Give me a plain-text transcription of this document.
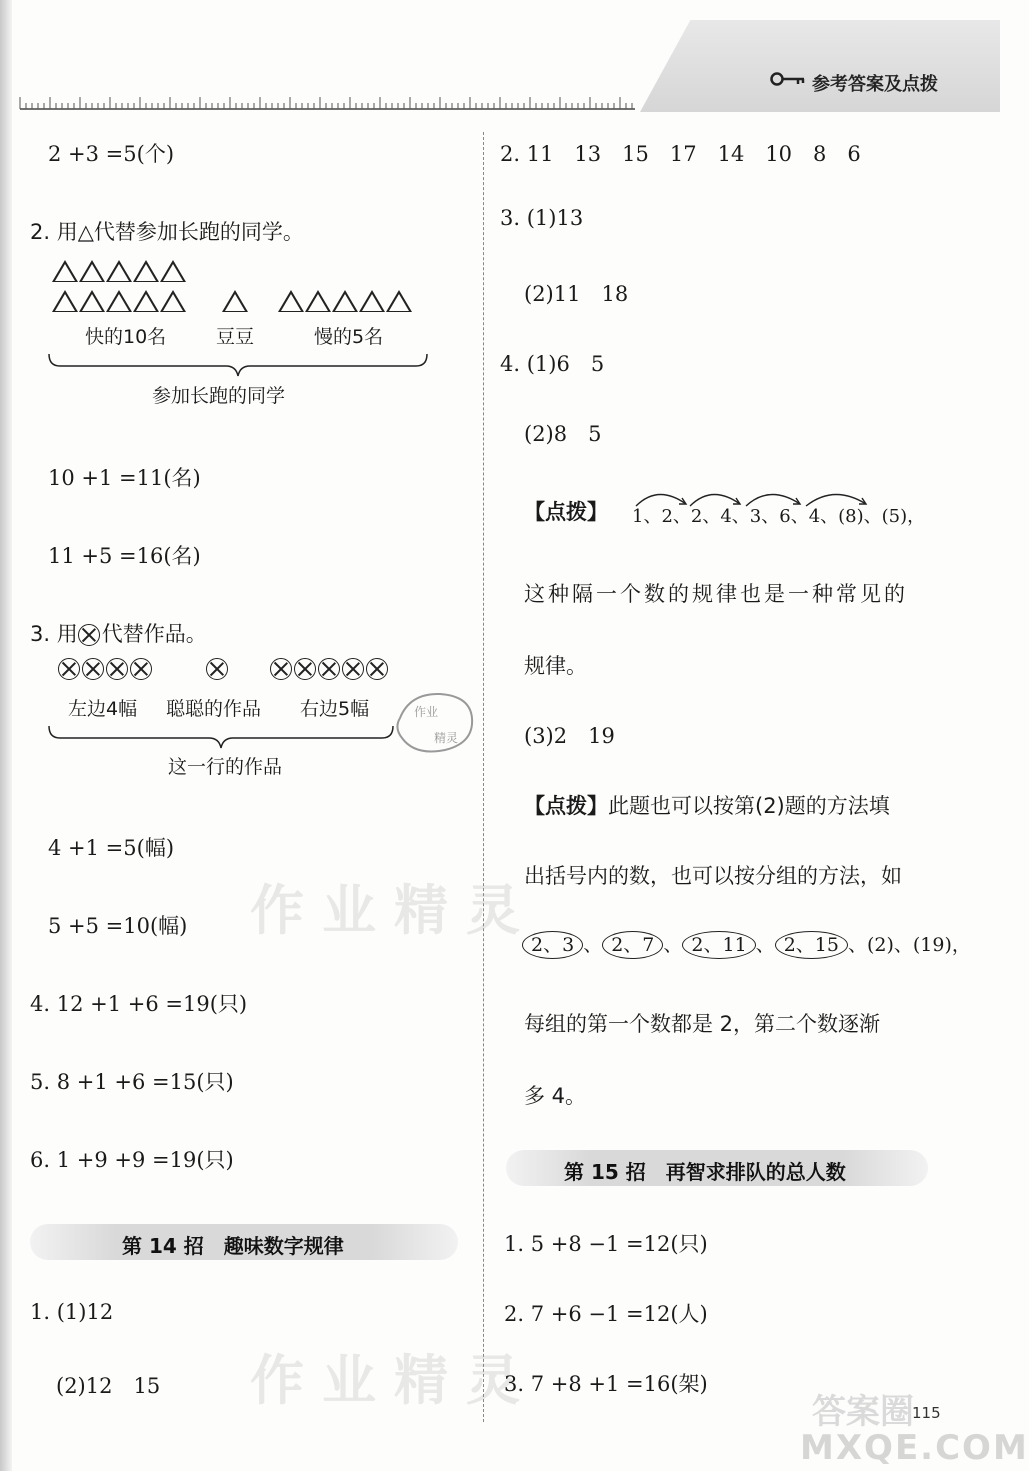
参考答案及点拨
2 +3 =5(个)
2. 用△代替参加长跑的同学。
快的10名	豆豆	慢的5名
参加长跑的同学
10 +1 =11(名)
11 +5 =16(名)
3. 用 代替作品。
左边4幅 聪聪的作品 右边5幅
这一行的作品
作业
精灵
4 +1 =5(幅)
5 +5 =10(幅) 作业精灵
4. 12 +1 +6 =19(只)
5. 8 +1 +6 =15(只)
6. 1 +9 +9 =19(只)
第 14 招　趣味数字规律
1. (1)12
(2)12　15 作业精灵
2. 11　13　15　17　14　10　8　6
3. (1)13
(2)11　18
4. (1)6　5
(2)8　5
【点拨】 1、2、2、4、3、6、4、(8)、(5)，
这种隔一个数的规律也是一种常见的
规律。
(3)2　19
【点拨】此题也可以按第(2)题的方法填
出括号内的数，也可以按分组的方法，如
2、3 、 2、7 、 2、11 、 2、15 、(2)、(19)，
每组的第一个数都是 2，第二个数逐渐
多 4。
第 15 招　再智求排队的总人数
1. 5 +8 −1 =12(只)
2. 7 +6 −1 =12(人)
3. 7 +8 +1 =16(架)
答案圈
115
MXQE.COM
